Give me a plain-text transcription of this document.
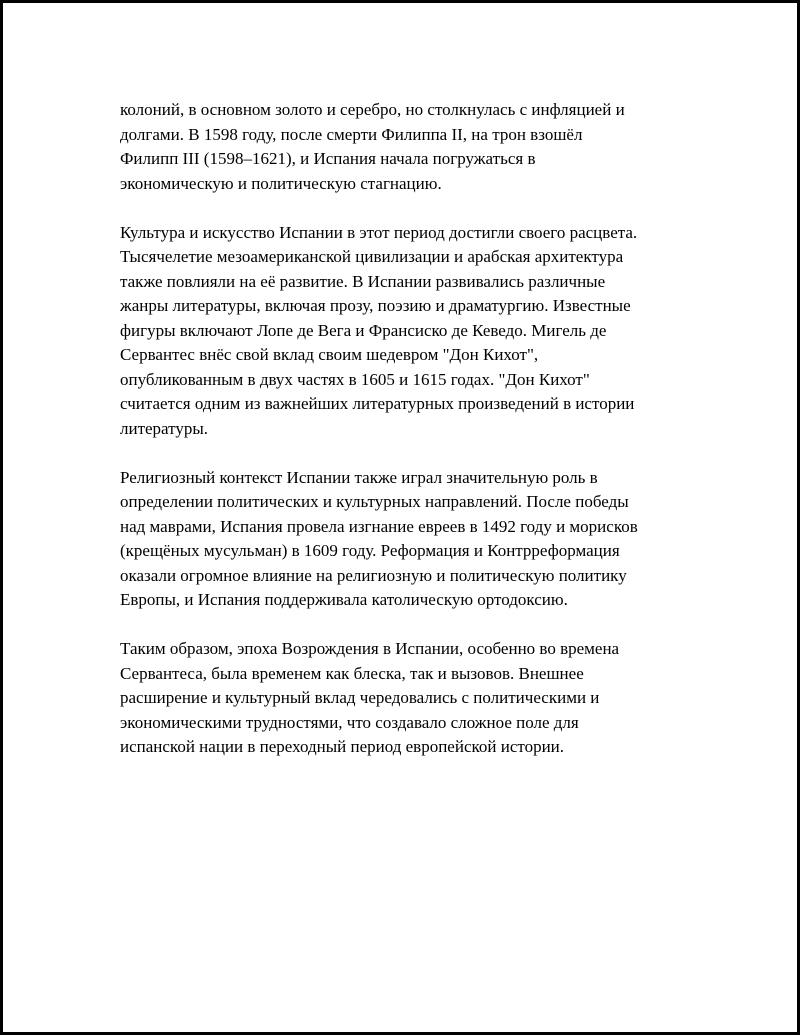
колоний, в основном золото и серебро, но столкнулась с инфляцией и
долгами. В 1598 году, после смерти Филиппа II, на трон взошёл
Филипп III (1598–1621), и Испания начала погружаться в
экономическую и политическую стагнацию.

Культура и искусство Испании в этот период достигли своего расцвета.
Тысячелетие мезоамериканской цивилизации и арабская архитектура
также повлияли на её развитие. В Испании развивались различные
жанры литературы, включая прозу, поэзию и драматургию. Известные
фигуры включают Лопе де Вега и Франсиско де Кеведо. Мигель де
Сервантес внёс свой вклад своим шедевром "Дон Кихот",
опубликованным в двух частях в 1605 и 1615 годах. "Дон Кихот"
считается одним из важнейших литературных произведений в истории
литературы.

Религиозный контекст Испании также играл значительную роль в
определении политических и культурных направлений. После победы
над маврами, Испания провела изгнание евреев в 1492 году и морисков
(крещёных мусульман) в 1609 году. Реформация и Контрреформация
оказали огромное влияние на религиозную и политическую политику
Европы, и Испания поддерживала католическую ортодоксию.

Таким образом, эпоха Возрождения в Испании, особенно во времена
Сервантеса, была временем как блеска, так и вызовов. Внешнее
расширение и культурный вклад чередовались с политическими и
экономическими трудностями, что создавало сложное поле для
испанской нации в переходный период европейской истории.
